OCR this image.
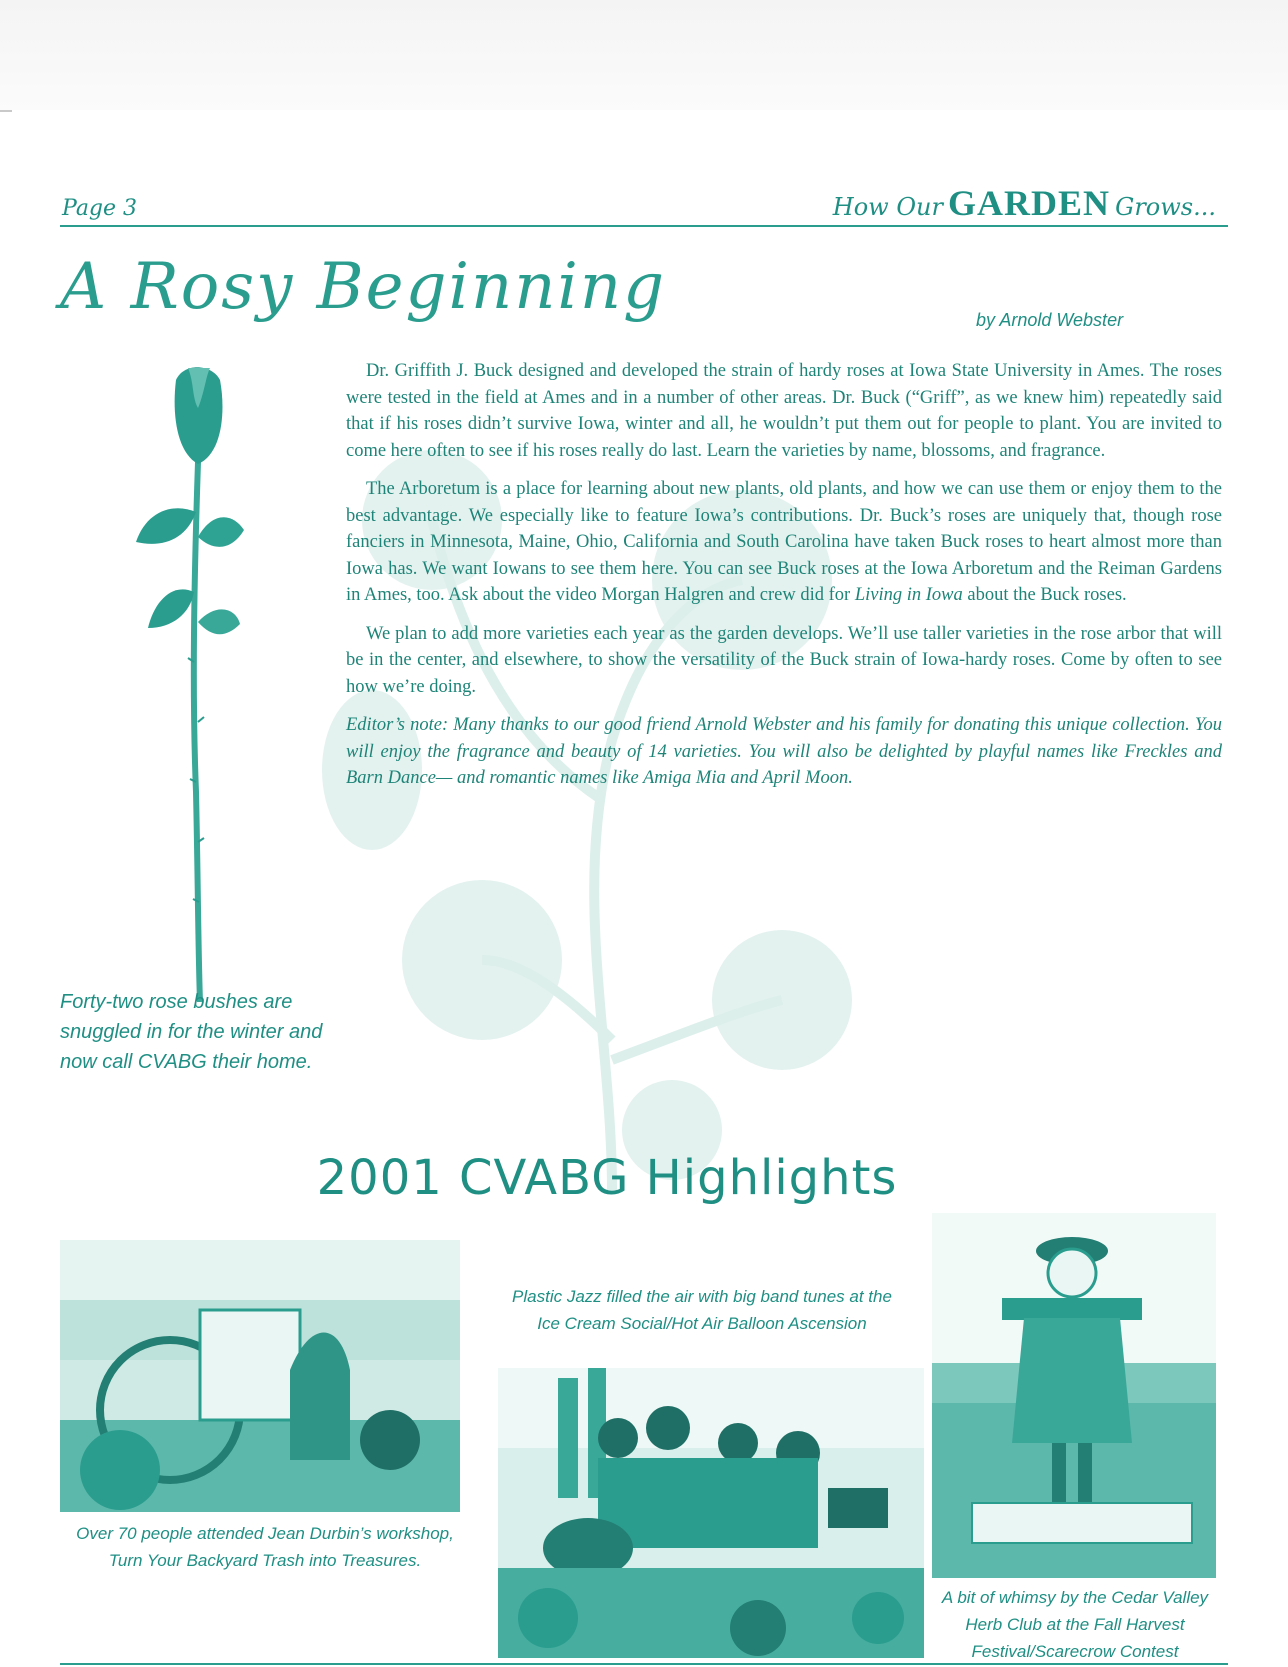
Page 3	How Our GARDEN Grows...
A Rosy Beginning	by Arnold Webster

Dr. Griffith J. Buck designed and developed the strain of hardy roses at Iowa State University in Ames. The roses were tested in the field at Ames and in a number of other areas. Dr. Buck (“Griff”, as we knew him) repeatedly said that if his roses didn’t survive Iowa, winter and all, he wouldn’t put them out for people to plant. You are invited to come here often to see if his roses really do last. Learn the varieties by name, blossoms, and fragrance.

The Arboretum is a place for learning about new plants, old plants, and how we can use them or enjoy them to the best advantage. We especially like to feature Iowa’s contributions. Dr. Buck’s roses are uniquely that, though rose fanciers in Minnesota, Maine, Ohio, California and South Carolina have taken Buck roses to heart almost more than Iowa has. We want Iowans to see them here. You can see Buck roses at the Iowa Arboretum and the Reiman Gardens in Ames, too. Ask about the video Morgan Halgren and crew did for Living in Iowa about the Buck roses.

We plan to add more varieties each year as the garden develops. We’ll use taller varieties in the rose arbor that will be in the center, and elsewhere, to show the versatility of the Buck strain of Iowa-hardy roses. Come by often to see how we’re doing.

Editor’s note: Many thanks to our good friend Arnold Webster and his family for donating this unique collection. You will enjoy the fragrance and beauty of 14 varieties. You will also be delighted by playful names like Freckles and Barn Dance— and romantic names like Amiga Mia and April Moon.

Forty-two rose bushes are snuggled in for the winter and now call CVABG their home.
2001 CVABG Highlights
Over 70 people attended Jean Durbin’s workshop, Turn Your Backyard Trash into Treasures.
Plastic Jazz filled the air with big band tunes at the Ice Cream Social/Hot Air Balloon Ascension
A bit of whimsy by the Cedar Valley Herb Club at the Fall Harvest Festival/Scarecrow Contest
